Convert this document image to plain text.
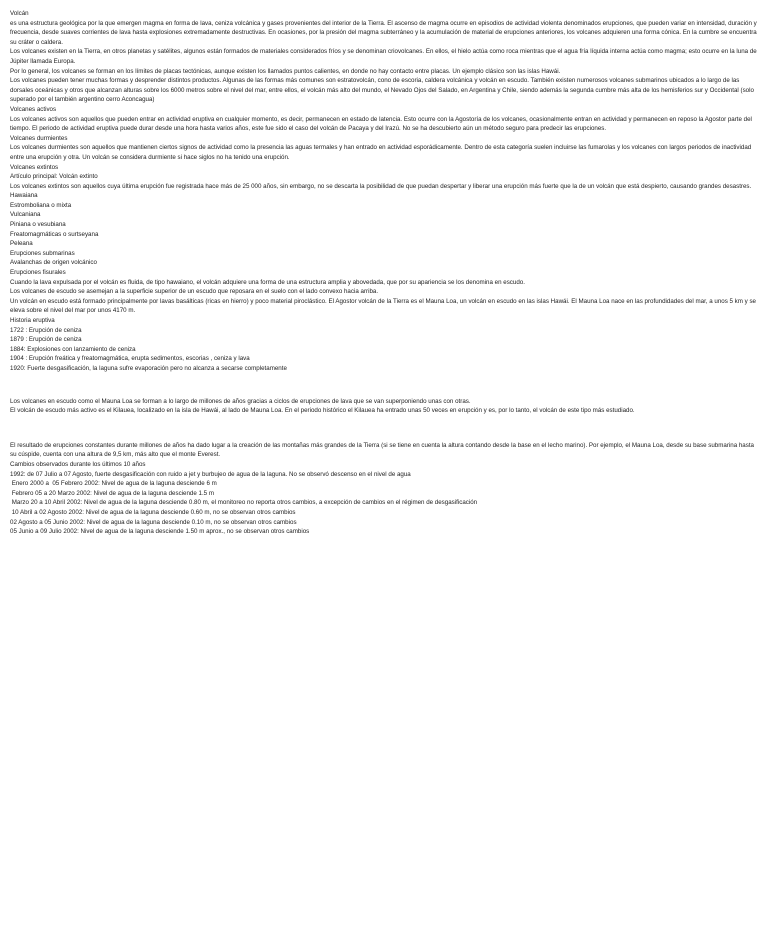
Volcán

es una estructura geológica por la que emergen magma en forma de lava, ceniza volcánica y gases provenientes del interior de la Tierra. El ascenso de magma ocurre en episodios de actividad violenta denominados erupciones, que pueden variar en intensidad, duración y frecuencia, desde suaves corrientes de lava hasta explosiones extremadamente destructivas. En ocasiones, por la presión del magma subterráneo y la acumulación de material de erupciones anteriores, los volcanes adquieren una forma cónica. En la cumbre se encuentra su cráter o caldera.

Los volcanes existen en la Tierra, en otros planetas y satélites, algunos están formados de materiales considerados fríos y se denominan criovolcanes. En ellos, el hielo actúa como roca mientras que el agua fría líquida interna actúa como magma; esto ocurre en la luna de Júpiter llamada Europa.

Por lo general, los volcanes se forman en los límites de placas tectónicas, aunque existen los llamados puntos calientes, en donde no hay contacto entre placas. Un ejemplo clásico son las islas Hawái.

Los volcanes pueden tener muchas formas y desprender distintos productos. Algunas de las formas más comunes son estratovolcán, cono de escoria, caldera volcánica y volcán en escudo. También existen numerosos volcanes submarinos ubicados a lo largo de las dorsales oceánicas y otros que alcanzan alturas sobre los 6000 metros sobre el nivel del mar, entre ellos, el volcán más alto del mundo, el Nevado Ojos del Salado, en Argentina y Chile, siendo además la segunda cumbre más alta de los hemisferios sur y Occidental (solo superado por el también argentino cerro Aconcagua)

Volcanes activos

Los volcanes activos son aquellos que pueden entrar en actividad eruptiva en cualquier momento, es decir, permanecen en estado de latencia. Esto ocurre con la Agostoría de los volcanes, ocasionalmente entran en actividad y permanecen en reposo la Agostor parte del tiempo. El periodo de actividad eruptiva puede durar desde una hora hasta varios años, este fue sido el caso del volcán de Pacaya y del Irazú. No se ha descubierto aún un método seguro para predecir las erupciones.

Volcanes durmientes

Los volcanes durmientes son aquellos que mantienen ciertos signos de actividad como la presencia las aguas termales y han entrado en actividad esporádicamente. Dentro de esta categoría suelen incluirse las fumarolas y los volcanes con largos periodos de inactividad entre una erupción y otra. Un volcán se considera durmiente si hace siglos no ha tenido una erupción.

Volcanes extintos

Artículo principal: Volcán extinto

Los volcanes extintos son aquellos cuya última erupción fue registrada hace más de 25 000 años, sin embargo, no se descarta la posibilidad de que puedan despertar y liberar una erupción más fuerte que la de un volcán que está despierto, causando grandes desastres.

Hawaiana

Estromboliana o mixta

Vulcaniana

Piniana o vesubiana

Freatomagmáticas o surtseyana

Peleana

Erupciones submarinas

Avalanchas de origen volcánico

Erupciones fisurales

Cuando la lava expulsada por el volcán es fluida, de tipo hawaiano, el volcán adquiere una forma de una estructura amplia y abovedada, que por su apariencia se los denomina en escudo.

Los volcanes de escudo se asemejan a la superficie superior de un escudo que reposara en el suelo con el lado convexo hacia arriba.

Un volcán en escudo está formado principalmente por lavas basálticas (ricas en hierro) y poco material piroclástico. El Agostor volcán de la Tierra es el Mauna Loa, un volcán en escudo en las islas Hawái. El Mauna Loa nace en las profundidades del mar, a unos 5 km y se eleva sobre el nivel del mar por unos 4170 m.

Historia eruptiva

1722 : Erupción de ceniza

1879 : Erupción de ceniza

1884: Explosiones con lanzamiento de ceniza

1904 : Erupción freática y freatomagmática, erupta sedimentos, escorias , ceniza y lava

1920: Fuerte desgasificación, la laguna sufre evaporación pero no alcanza a secarse completamente

Los volcanes en escudo como el Mauna Loa se forman a lo largo de millones de años gracias a ciclos de erupciones de lava que se van superponiendo unas con otras.

El volcán de escudo más activo es el Kilauea, localizado en la isla de Hawái, al lado de Mauna Loa. En el periodo histórico el Kilauea ha entrado unas 50 veces en erupción y es, por lo tanto, el volcán de este tipo más estudiado.

El resultado de erupciones constantes durante millones de años ha dado lugar a la creación de las montañas más grandes de la Tierra (si se tiene en cuenta la altura contando desde la base en el lecho marino). Por ejemplo, el Mauna Loa, desde su base submarina hasta su cúspide, cuenta con una altura de 9,5 km, más alto que el monte Everest.

Cambios observados durante los últimos 10 años

1992: de 07 Julio a 07 Agosto, fuerte desgasificación con ruido a jet y burbujeo de agua de la laguna. No se observó descenso en el nivel de agua

Enero 2000 a  05 Febrero 2002: Nivel de agua de la laguna desciende 6 m

Febrero 05 a 20 Marzo 2002: Nivel de agua de la laguna desciende 1.5 m

Marzo 20 a 10 Abril 2002: Nivel de agua de la laguna desciende 0.80 m, el monitoreo no reporta otros cambios, a excepción de cambios en el régimen de desgasificación

10 Abril a 02 Agosto 2002: Nivel de agua de la laguna desciende 0.60 m, no se observan otros cambios

02 Agosto a 05 Junio 2002: Nivel de agua de la laguna desciende 0.10 m, no se observan otros cambios

05 Junio a 09 Julio 2002: Nivel de agua de la laguna desciende 1.50 m aprox., no se observan otros cambios
